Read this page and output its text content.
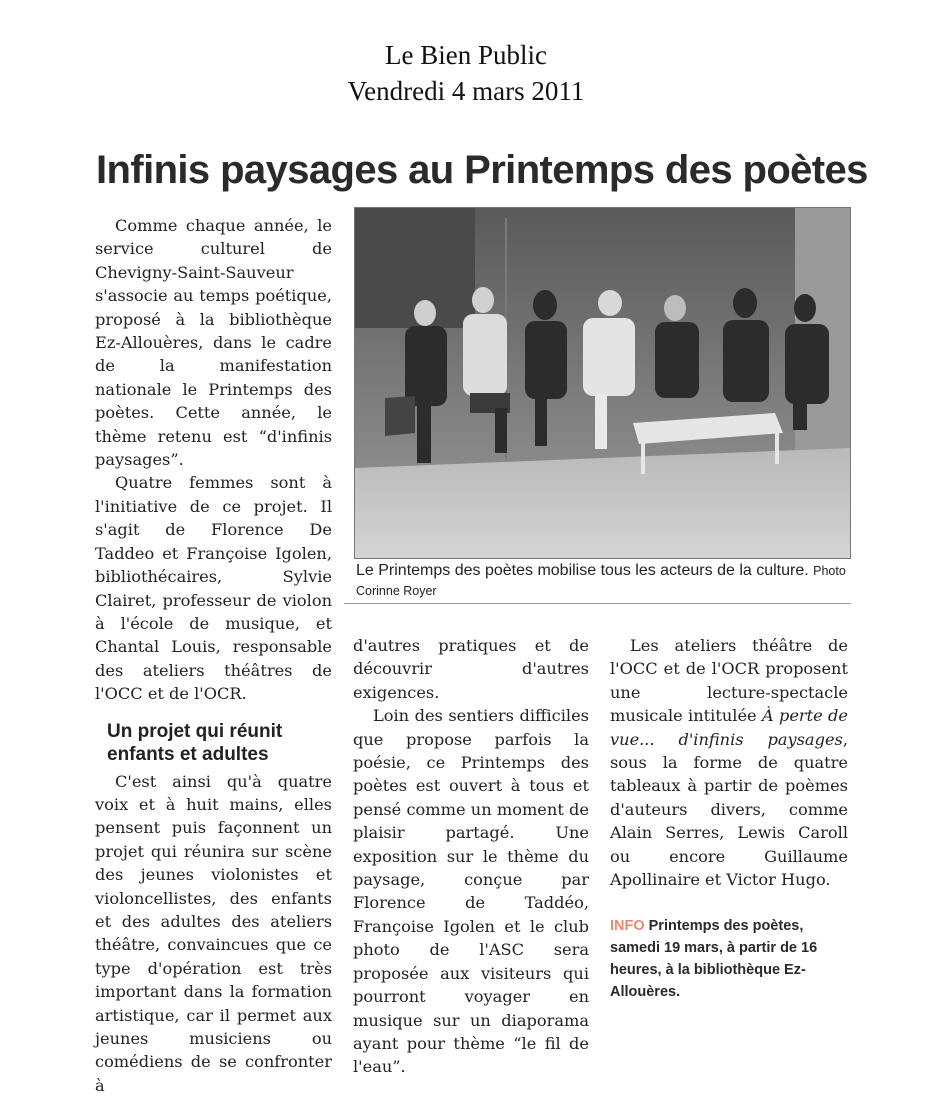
Le Bien Public
Vendredi 4 mars 2011
Infinis paysages au Printemps des poètes

Comme chaque année, le service culturel de Chevigny-Saint-Sauveur s'associe au temps poétique, proposé à la bibliothèque Ez-Allouères, dans le cadre de la manifestation nationale le Printemps des poètes. Cette année, le thème retenu est “d'infinis paysages”.

Quatre femmes sont à l'initiative de ce projet. Il s'agit de Florence De Taddeo et Françoise Igolen, bibliothécaires, Sylvie Clairet, professeur de violon à l'école de musique, et Chantal Louis, responsable des ateliers théâtres de l'OCC et de l'OCR.

Un projet qui réunit enfants et adultes

C'est ainsi qu'à quatre voix et à huit mains, elles pensent puis façonnent un projet qui réunira sur scène des jeunes violonistes et violoncellistes, des enfants et des adultes des ateliers théâtre, convaincues que ce type d'opération est très important dans la formation artistique, car il permet aux jeunes musiciens ou comédiens de se confronter à

Le Printemps des poètes mobilise tous les acteurs de la culture. Photo Corinne Royer

d'autres pratiques et de découvrir d'autres exigences.

Loin des sentiers difficiles que propose parfois la poésie, ce Printemps des poètes est ouvert à tous et pensé comme un moment de plaisir partagé. Une exposition sur le thème du paysage, conçue par Florence de Taddéo, Françoise Igolen et le club photo de l'ASC sera proposée aux visiteurs qui pourront voyager en musique sur un diaporama ayant pour thème “le fil de l'eau”.

Les ateliers théâtre de l'OCC et de l'OCR proposent une lecture-spectacle musicale intitulée À perte de vue... d'infinis paysages, sous la forme de quatre tableaux à partir de poèmes d'auteurs divers, comme Alain Serres, Lewis Caroll ou encore Guillaume Apollinaire et Victor Hugo.

INFO Printemps des poètes, samedi 19 mars, à partir de 16 heures, à la bibliothèque Ez-Allouères.
